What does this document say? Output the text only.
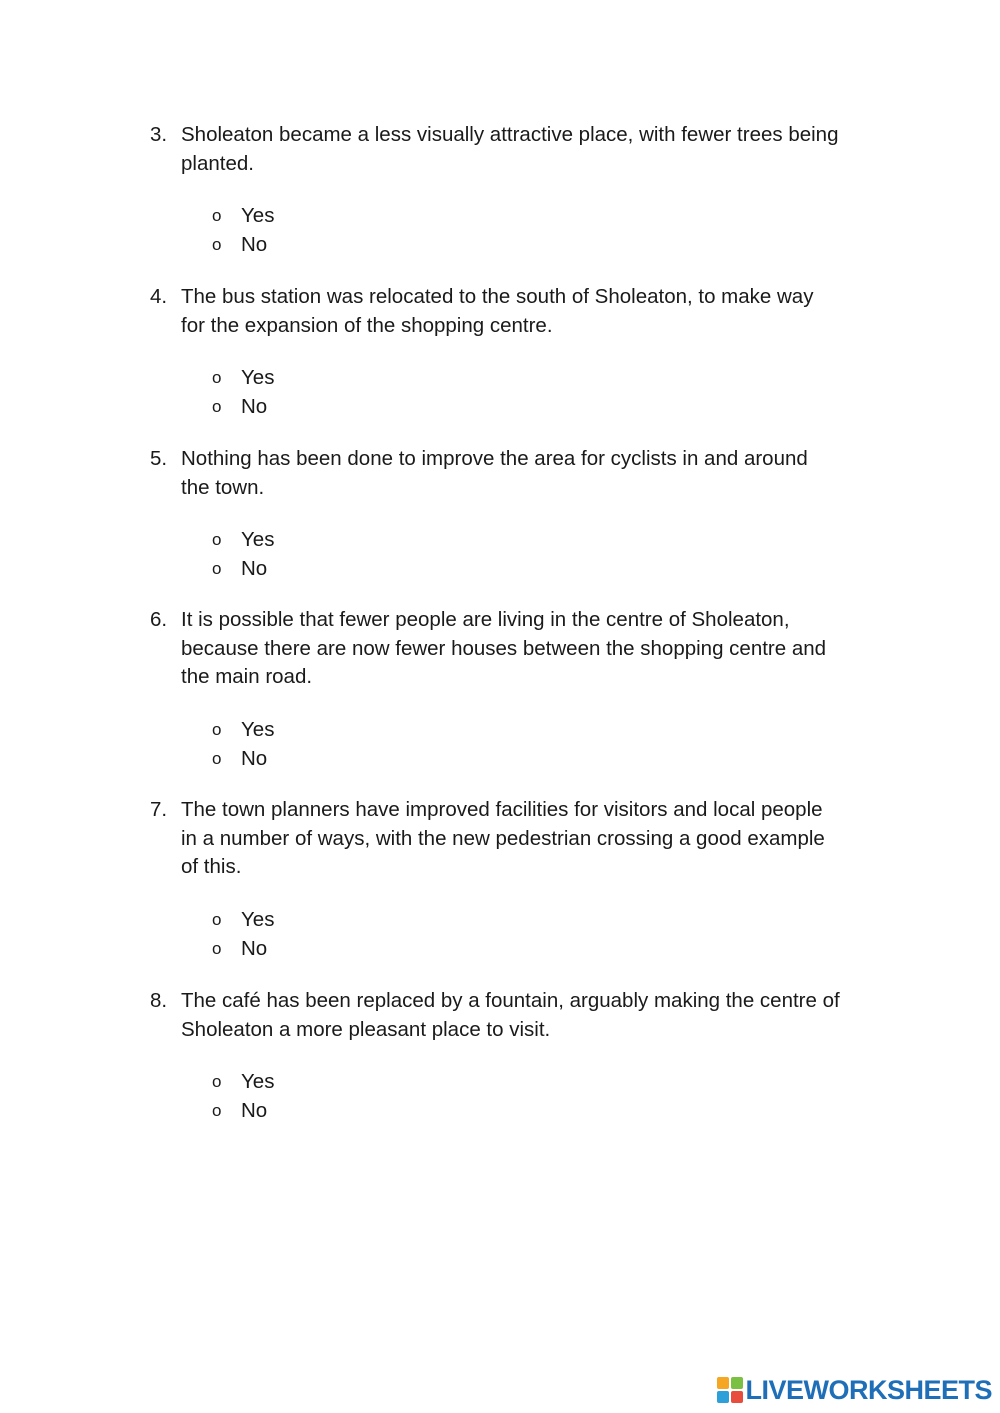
3. Sholeaton became a less visually attractive place, with fewer trees being
planted.
o Yes
o No
4. The bus station was relocated to the south of Sholeaton, to make way
for the expansion of the shopping centre.
o Yes
o No
5. Nothing has been done to improve the area for cyclists in and around
the town.
o Yes
o No
6. It is possible that fewer people are living in the centre of Sholeaton,
because there are now fewer houses between the shopping centre and
the main road.
o Yes
o No
7. The town planners have improved facilities for visitors and local people
in a number of ways, with the new pedestrian crossing a good example
of this.
o Yes
o No
8. The café has been replaced by a fountain, arguably making the centre of
Sholeaton a more pleasant place to visit.
o Yes
o No
LIVEWORKSHEETS
